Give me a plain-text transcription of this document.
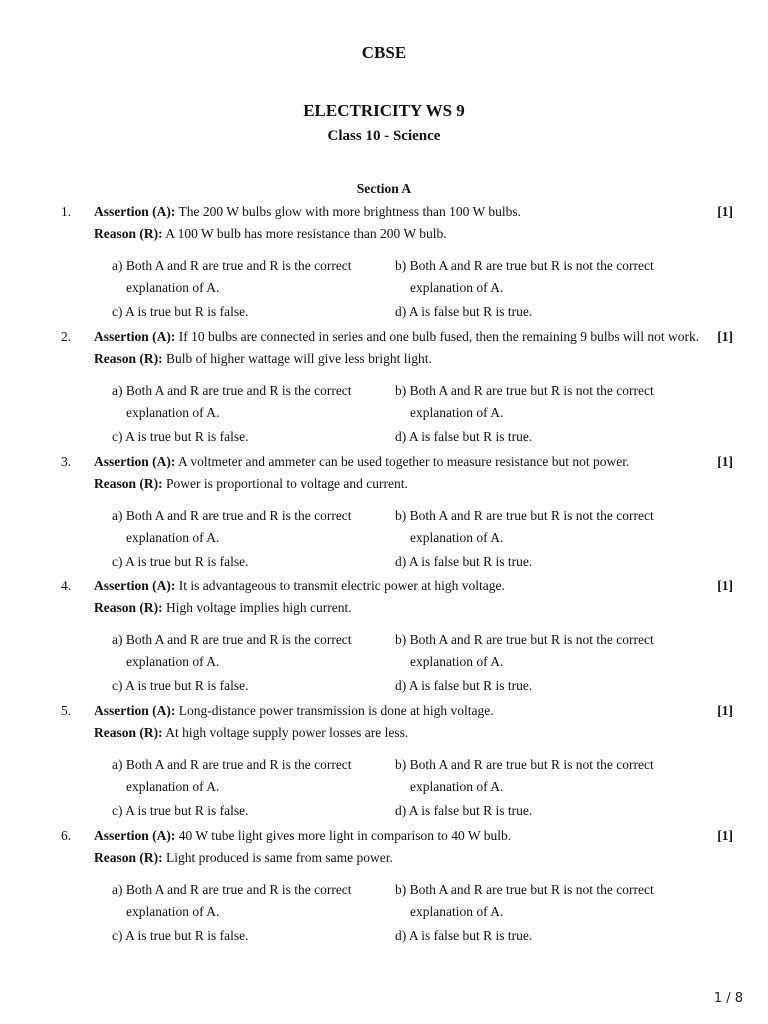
CBSE
ELECTRICITY WS 9
Class 10 - Science
Section A
1. Assertion (A): The 200 W bulbs glow with more brightness than 100 W bulbs.	[1]
Reason (R): A 100 W bulb has more resistance than 200 W bulb.
a) Both A and R are true and R is the correct explanation of A.
b) Both A and R are true but R is not the correct explanation of A.
c) A is true but R is false.	d) A is false but R is true.
2. Assertion (A): If 10 bulbs are connected in series and one bulb fused, then the remaining 9 bulbs will not work.	[1]
Reason (R): Bulb of higher wattage will give less bright light.
a) Both A and R are true and R is the correct explanation of A.
b) Both A and R are true but R is not the correct explanation of A.
c) A is true but R is false.	d) A is false but R is true.
3. Assertion (A): A voltmeter and ammeter can be used together to measure resistance but not power.	[1]
Reason (R): Power is proportional to voltage and current.
a) Both A and R are true and R is the correct explanation of A.
b) Both A and R are true but R is not the correct explanation of A.
c) A is true but R is false.	d) A is false but R is true.
4. Assertion (A): It is advantageous to transmit electric power at high voltage.	[1]
Reason (R): High voltage implies high current.
a) Both A and R are true and R is the correct explanation of A.
b) Both A and R are true but R is not the correct explanation of A.
c) A is true but R is false.	d) A is false but R is true.
5. Assertion (A): Long-distance power transmission is done at high voltage.	[1]
Reason (R): At high voltage supply power losses are less.
a) Both A and R are true and R is the correct explanation of A.
b) Both A and R are true but R is not the correct explanation of A.
c) A is true but R is false.	d) A is false but R is true.
6. Assertion (A): 40 W tube light gives more light in comparison to 40 W bulb.	[1]
Reason (R): Light produced is same from same power.
a) Both A and R are true and R is the correct explanation of A.
b) Both A and R are true but R is not the correct explanation of A.
c) A is true but R is false.	d) A is false but R is true.
1 / 8
